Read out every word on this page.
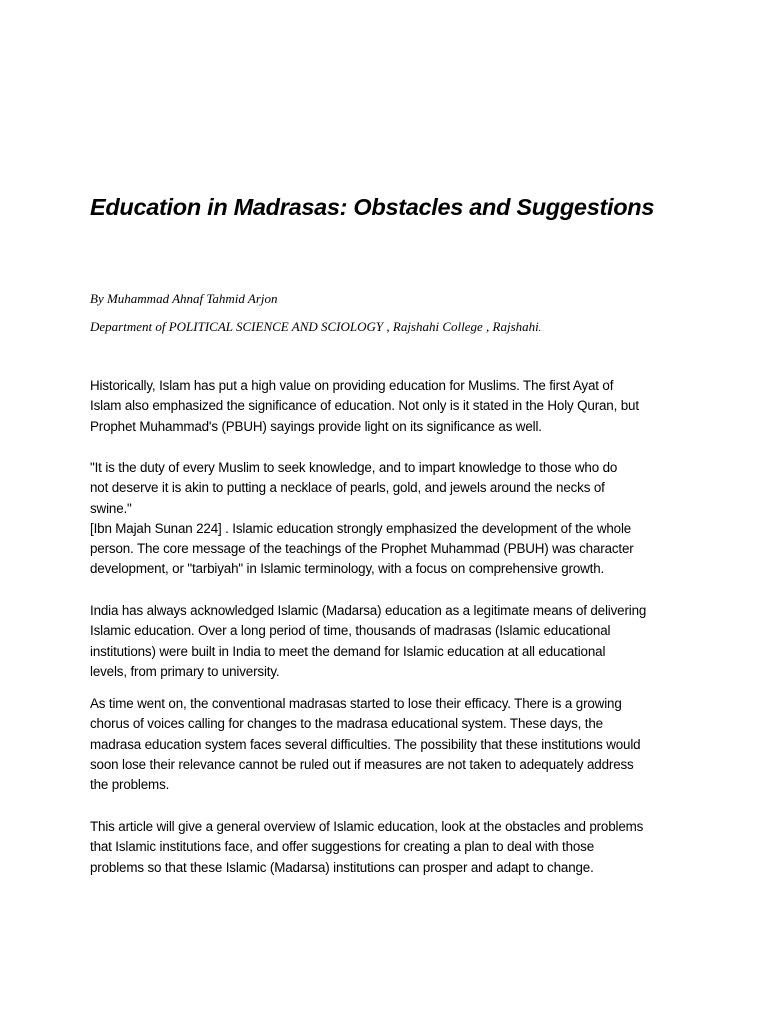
Education in Madrasas: Obstacles and Suggestions

By Muhammad Ahnaf Tahmid Arjon

Department of POLITICAL SCIENCE AND SCIOLOGY , Rajshahi College , Rajshahi.

Historically, Islam has put a high value on providing education for Muslims. The first Ayat of
Islam also emphasized the significance of education. Not only is it stated in the Holy Quran, but
Prophet Muhammad's (PBUH) sayings provide light on its significance as well.

"It is the duty of every Muslim to seek knowledge, and to impart knowledge to those who do
not deserve it is akin to putting a necklace of pearls, gold, and jewels around the necks of
swine."
[Ibn Majah Sunan 224] . Islamic education strongly emphasized the development of the whole
person. The core message of the teachings of the Prophet Muhammad (PBUH) was character
development, or "tarbiyah" in Islamic terminology, with a focus on comprehensive growth.

India has always acknowledged Islamic (Madarsa) education as a legitimate means of delivering
Islamic education. Over a long period of time, thousands of madrasas (Islamic educational
institutions) were built in India to meet the demand for Islamic education at all educational
levels, from primary to university.

As time went on, the conventional madrasas started to lose their efficacy. There is a growing
chorus of voices calling for changes to the madrasa educational system. These days, the
madrasa education system faces several difficulties. The possibility that these institutions would
soon lose their relevance cannot be ruled out if measures are not taken to adequately address
the problems.

This article will give a general overview of Islamic education, look at the obstacles and problems
that Islamic institutions face, and offer suggestions for creating a plan to deal with those
problems so that these Islamic (Madarsa) institutions can prosper and adapt to change.
